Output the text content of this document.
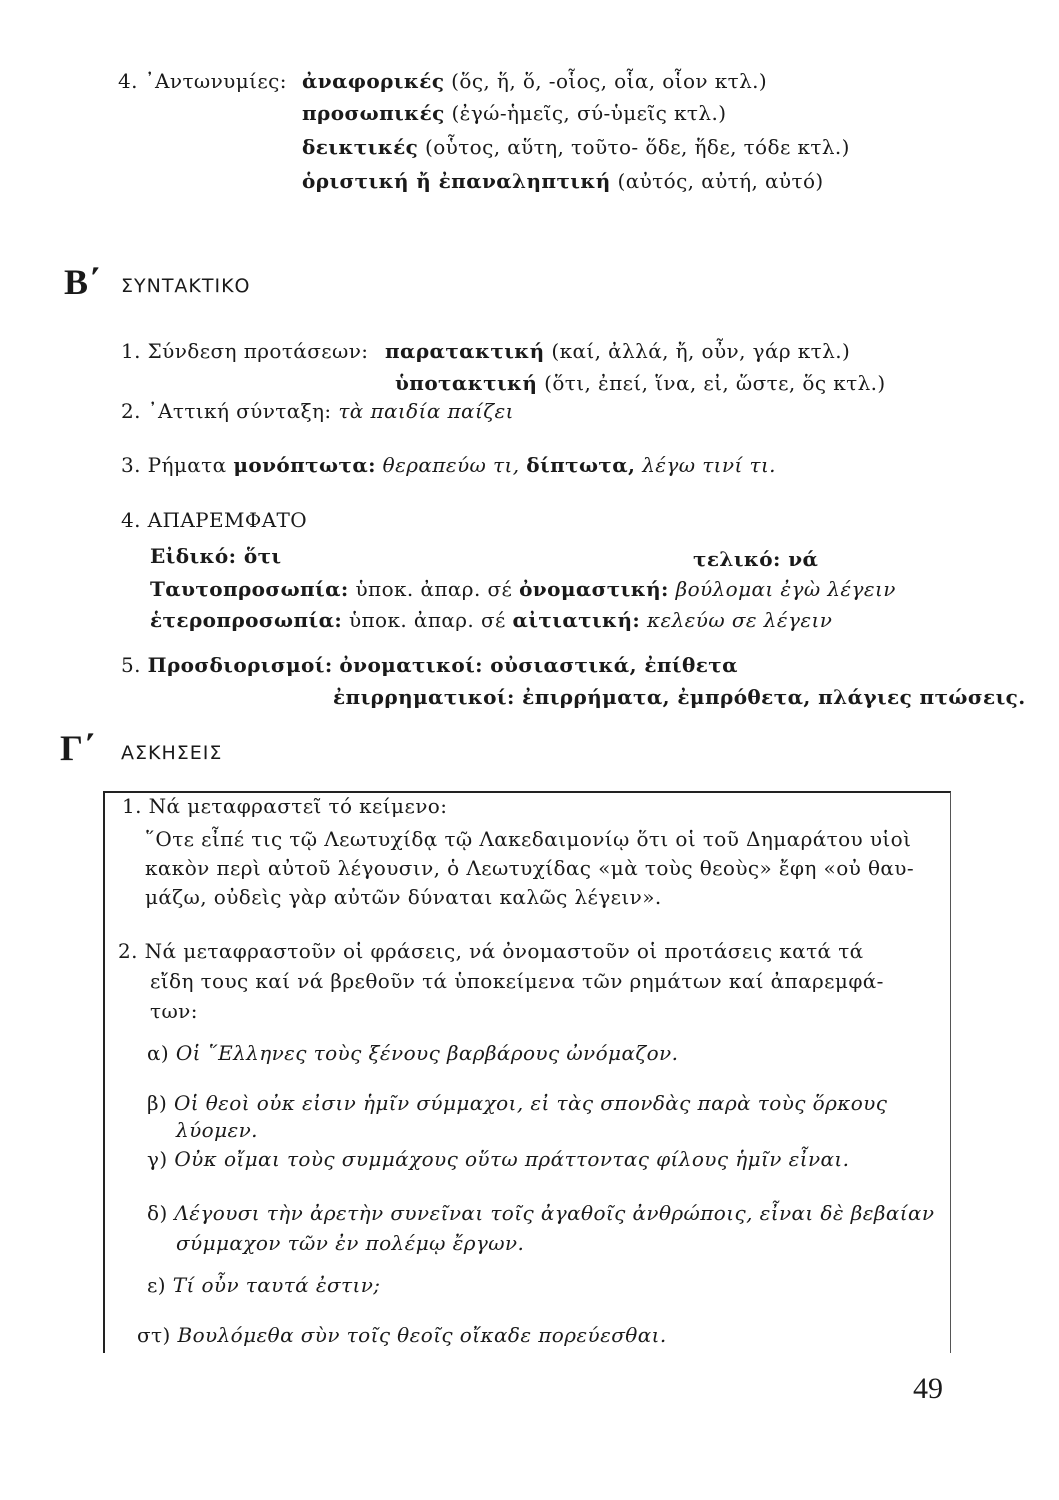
4. ᾽Αντωνυμίες: ἀναφορικές (ὅς, ἥ, ὅ, -οἷος, οἷα, οἷον κτλ.)
προσωπικές (ἐγώ-ἡμεῖς, σύ-ὑμεῖς κτλ.)
δεικτικές (οὗτος, αὕτη, τοῦτο- ὅδε, ἥδε, τόδε κτλ.)
ὁριστική ἤ ἐπαναληπτική (αὐτός, αὐτή, αὐτό)
Β΄ ΣΥΝΤΑΚΤΙΚΟ
1. Σύνδεση προτάσεων: παρατακτική (καί, ἀλλά, ἤ, οὖν, γάρ κτλ.)
ὑποτακτική (ὅτι, ἐπεί, ἵνα, εἰ, ὥστε, ὅς κτλ.)
2. ᾽Αττική σύνταξη: τὰ παιδία παίζει
3. Ρήματα μονόπτωτα: θεραπεύω τι, δίπτωτα, λέγω τινί τι.
4. ΑΠΑΡΕΜΦΑΤΟ
Εἰδικό: ὅτι	τελικό: νά
Ταυτοπροσωπία: ὑποκ. ἀπαρ. σέ ὀνομαστική: βούλομαι ἐγὼ λέγειν
ἑτεροπροσωπία: ὑποκ. ἀπαρ. σέ αἰτιατική: κελεύω σε λέγειν
5. Προσδιορισμοί: ὀνοματικοί: οὐσιαστικά, ἐπίθετα
ἐπιρρηματικοί: ἐπιρρήματα, ἐμπρόθετα, πλάγιες πτώσεις.
Γ΄ ΑΣΚΗΣΕΙΣ
1. Νά μεταφραστεῖ τό κείμενο:
῞Οτε εἶπέ τις τῷ Λεωτυχίδᾳ τῷ Λακεδαιμονίῳ ὅτι οἱ τοῦ Δημαράτου υἱοὶ
κακὸν περὶ αὐτοῦ λέγουσιν, ὁ Λεωτυχίδας «μὰ τοὺς θεοὺς» ἔφη «οὐ θαυ-
μάζω, οὐδεὶς γὰρ αὐτῶν δύναται καλῶς λέγειν».
2. Νά μεταφραστοῦν οἱ φράσεις, νά ὀνομαστοῦν οἱ προτάσεις κατά τά
εἴδη τους καί νά βρεθοῦν τά ὑποκείμενα τῶν ρημάτων καί ἀπαρεμφά-
των:
α) Οἱ ῞Ελληνες τοὺς ξένους βαρβάρους ὠνόμαζον.
β) Οἱ θεοὶ οὐκ εἰσιν ἡμῖν σύμμαχοι, εἰ τὰς σπονδὰς παρὰ τοὺς ὅρκους
λύομεν.
γ) Οὐκ οἴμαι τοὺς συμμάχους οὕτω πράττοντας φίλους ἡμῖν εἶναι.
δ) Λέγουσι τὴν ἀρετὴν συνεῖναι τοῖς ἀγαθοῖς ἀνθρώποις, εἶναι δὲ βεβαίαν
σύμμαχον τῶν ἐν πολέμῳ ἔργων.
ε) Τί οὖν ταυτά ἐστιν;
στ) Βουλόμεθα σὺν τοῖς θεοῖς οἴκαδε πορεύεσθαι.
49
